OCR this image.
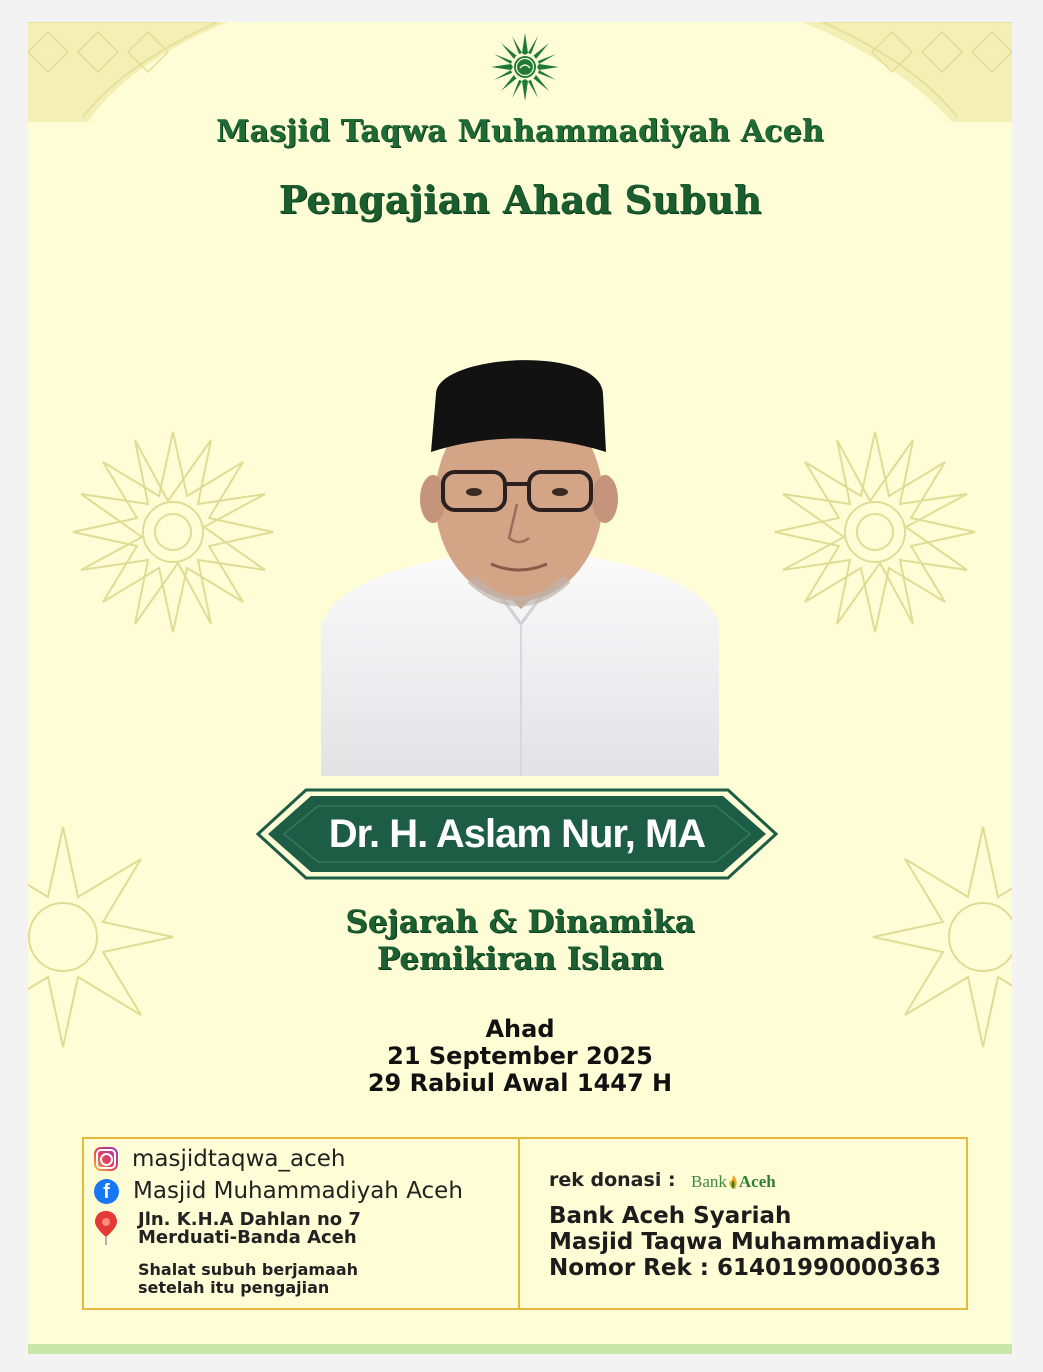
Masjid Taqwa Muhammadiyah Aceh
Pengajian Ahad Subuh
Dr. H. Aslam Nur, MA
Sejarah & Dinamika
Pemikiran Islam
Ahad
21 September 2025
29 Rabiul Awal 1447 H
masjidtaqwa_aceh
f	Masjid Muhammadiyah Aceh
Jln. K.H.A Dahlan no 7
Merduati-Banda Aceh
Shalat subuh berjamaah
setelah itu pengajian
rek donasi : Bank Aceh
Bank Aceh Syariah
Masjid Taqwa Muhammadiyah
Nomor Rek : 61401990000363
